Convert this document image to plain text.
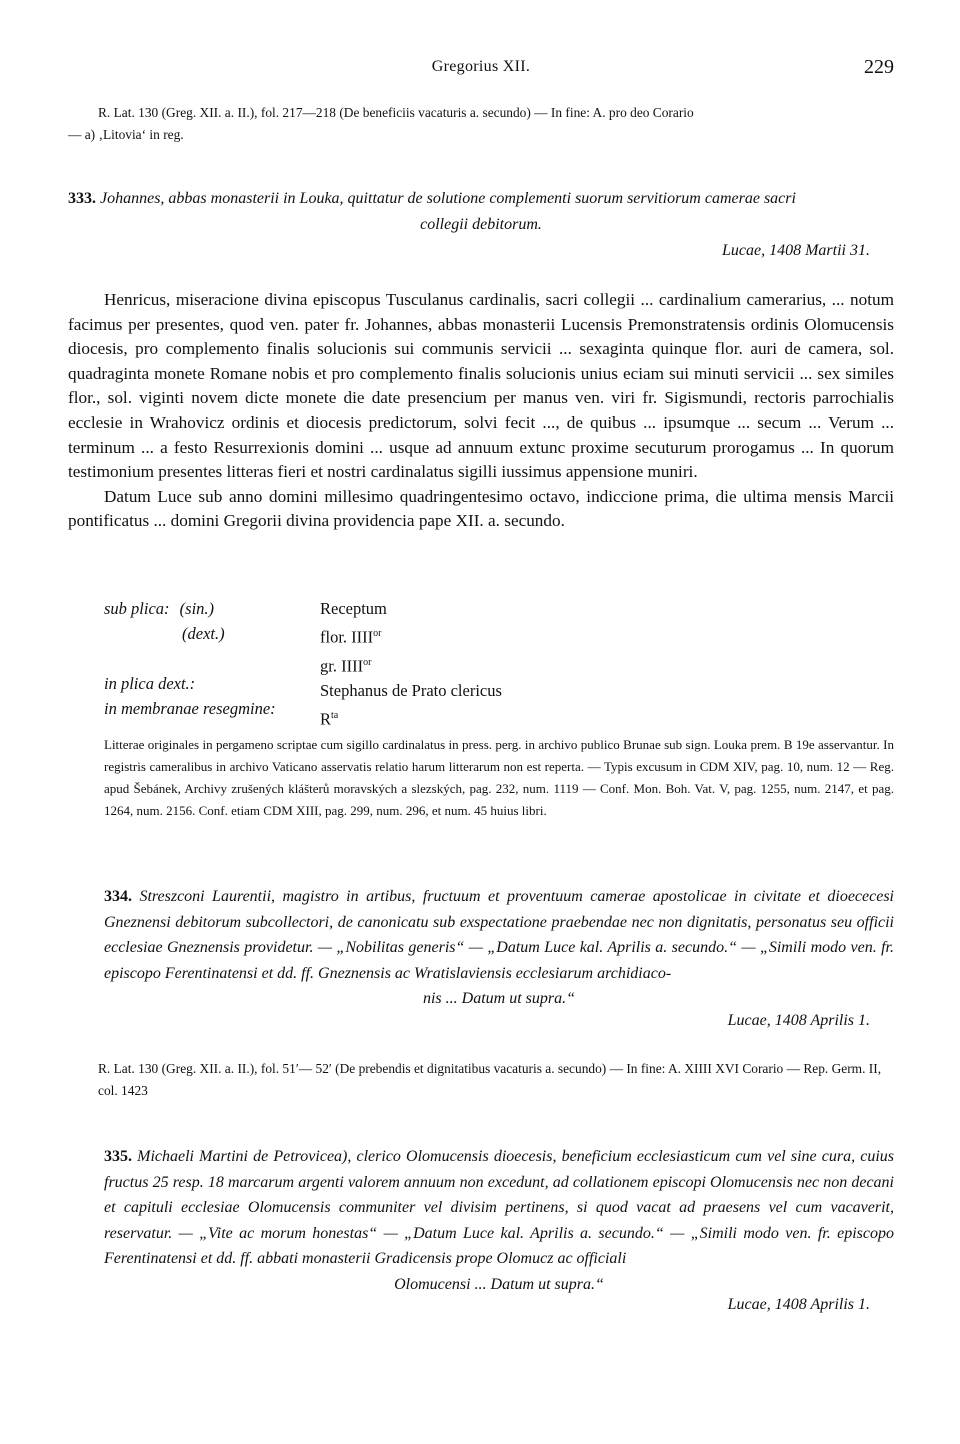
Gregorius XII.	229
R. Lat. 130 (Greg. XII. a. II.), fol. 217—218 (De beneficiis vacaturis a. secundo) — In fine: A. pro deo Corario
— a) ‚Litovia‘ in reg.
333. Johannes, abbas monasterii in Louka, quittatur de solutione complementi suorum servitiorum camerae sacri
collegii debitorum.
Lucae, 1408 Martii 31.

Henricus, miseracione divina episcopus Tusculanus cardinalis, sacri collegii ... cardinalium camerarius, ... notum facimus per presentes, quod ven. pater fr. Johannes, abbas monasterii Lucensis Premonstratensis ordinis Olomucensis diocesis, pro complemento finalis solucionis sui communis servicii ... sexaginta quinque flor. auri de camera, sol. quadraginta monete Romane nobis et pro complemento finalis solucionis unius eciam sui minuti servicii ... sex similes flor., sol. viginti novem dicte monete die date presencium per manus ven. viri fr. Sigismundi, rectoris parrochialis ecclesie in Wrahovicz ordinis et diocesis predictorum, solvi fecit ..., de quibus ... ipsumque ... secum ... Verum ... terminum ... a festo Resurrexionis domini ... usque ad annuum extunc proxime secuturum prorogamus ... In quorum testimonium presentes litteras fieri et nostri cardinalatus sigilli iussimus appensione muniri.

Datum Luce sub anno domini millesimo quadringentesimo octavo, indiccione prima, die ultima mensis Marcii pontificatus ... domini Gregorii divina providencia pape XII. a. secundo.

sub plica: (sin.)
(dext.)

in plica dext.:
in membranae resegmine:
Receptum
flor. $IIII^{or}$
gr. $IIII^{or}$
Stephanus de Prato clericus
$R^{ta}$
Litterae originales in pergameno scriptae cum sigillo cardinalatus in press. perg. in archivo publico Brunae sub sign. Louka prem. B 19e asservantur. In registris cameralibus in archivo Vaticano asservatis relatio harum litterarum non est reperta. — Typis excusum in CDM XIV, pag. 10, num. 12 — Reg. apud Šebánek, Archivy zrušených klášterů moravských a slezských, pag. 232, num. 1119 — Conf. Mon. Boh. Vat. V, pag. 1255, num. 2147, et pag. 1264, num. 2156. Conf. etiam CDM XIII, pag. 299, num. 296, et num. 45 huius libri.
334. Streszconi Laurentii, magistro in artibus, fructuum et proventuum camerae apostolicae in civitate et dioececesi Gneznensi debitorum subcollectori, de canonicatu sub exspectatione praebendae nec non dignitatis, personatus seu officii ecclesiae Gneznensis providetur. — „Nobilitas generis“ — „Datum Luce kal. Aprilis a. secundo.“ — „Simili modo ven. fr. episcopo Ferentinatensi et dd. ff. Gneznensis ac Wratislaviensis ecclesiarum archidiaco-
nis ... Datum ut supra.“
Lucae, 1408 Aprilis 1.
R. Lat. 130 (Greg. XII. a. II.), fol. 51′— 52′ (De prebendis et dignitatibus vacaturis a. secundo) — In fine: A. XIIII XVI Corario — Rep. Germ. II, col. 1423
335. Michaeli Martini de Petrovicea), clerico Olomucensis dioecesis, beneficium ecclesiasticum cum vel sine cura, cuius fructus 25 resp. 18 marcarum argenti valorem annuum non excedunt, ad collationem episcopi Olomucensis nec non decani et capituli ecclesiae Olomucensis communiter vel divisim pertinens, si quod vacat ad praesens vel cum vacaverit, reservatur. — „Vite ac morum honestas“ — „Datum Luce kal. Aprilis a. secundo.“ — „Simili modo ven. fr. episcopo Ferentinatensi et dd. ff. abbati monasterii Gradicensis prope Olomucz ac officiali
Olomucensi ... Datum ut supra.“
Lucae, 1408 Aprilis 1.
